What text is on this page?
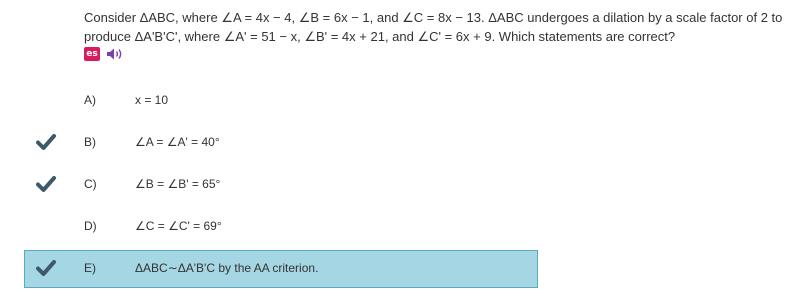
Consider ΔABC, where ∠A = 4x − 4, ∠B = 6x − 1, and ∠C = 8x − 13. ΔABC undergoes a dilation by a scale factor of 2 to produce ΔA'B'C', where ∠A' = 51 − x, ∠B' = 4x + 21, and ∠C' = 6x + 9. Which statements are correct?
es
A)	x = 10
B)	∠A = ∠A' = 40°
C)	∠B = ∠B' = 65°
D)	∠C = ∠C' = 69°
E)	ΔABC∼ΔA'B'C by the AA criterion.
